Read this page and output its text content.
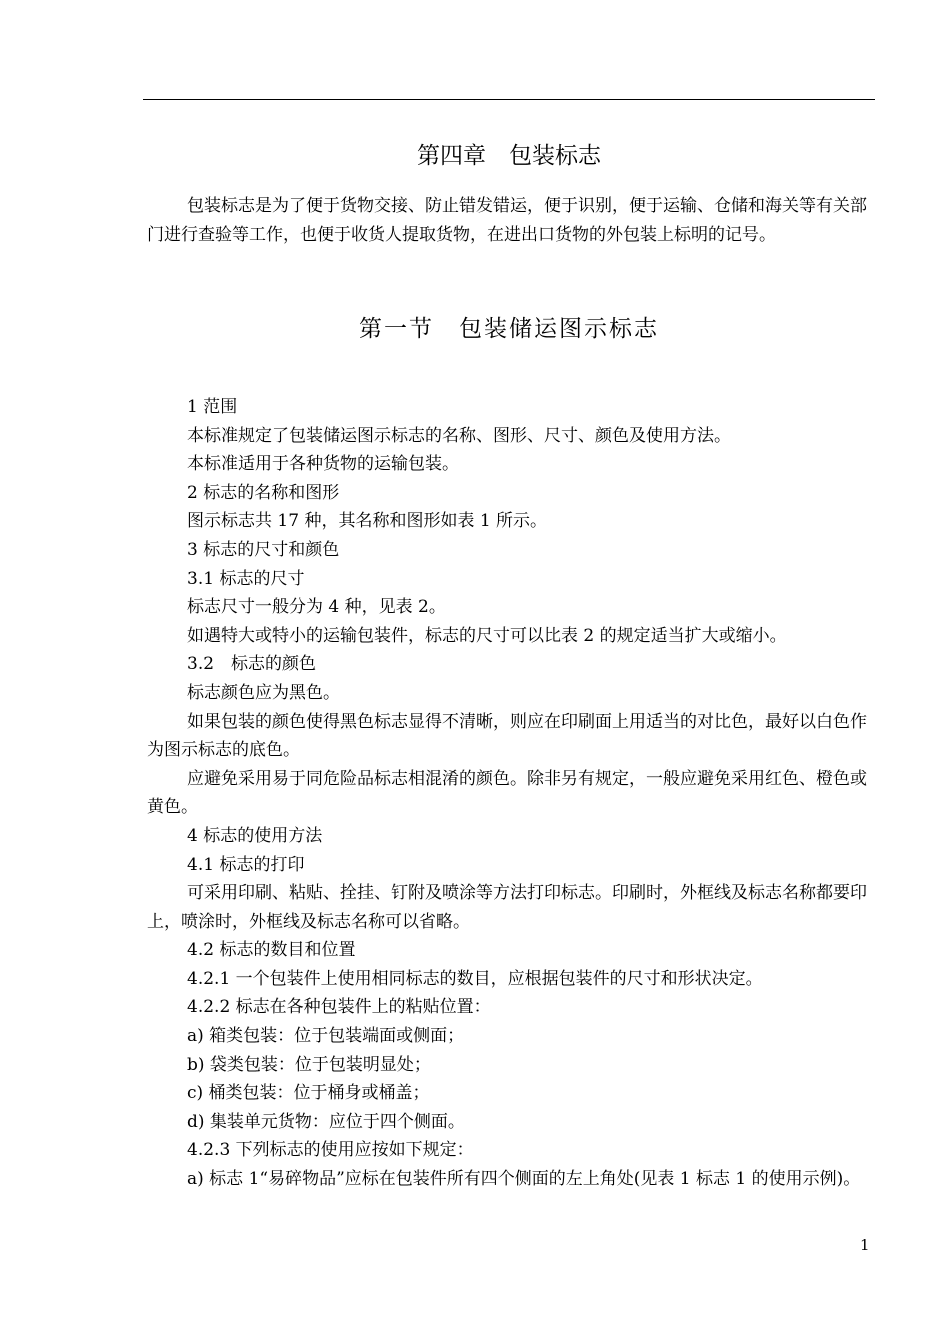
第四章　包装标志

包装标志是为了便于货物交接、防止错发错运，便于识别，便于运输、仓储和海关等有关部门进行查验等工作，也便于收货人提取货物，在进出口货物的外包装上标明的记号。

第一节　包装储运图示标志

1 范围

本标准规定了包装储运图示标志的名称、图形、尺寸、颜色及使用方法。

本标准适用于各种货物的运输包装。

2 标志的名称和图形

图示标志共 17 种，其名称和图形如表 1 所示。

3 标志的尺寸和颜色

3.1 标志的尺寸

标志尺寸一般分为 4 种，见表 2。

如遇特大或特小的运输包装件，标志的尺寸可以比表 2 的规定适当扩大或缩小。

3.2　标志的颜色

标志颜色应为黑色。

如果包装的颜色使得黑色标志显得不清晰，则应在印刷面上用适当的对比色，最好以白色作为图示标志的底色。

应避免采用易于同危险品标志相混淆的颜色。除非另有规定，一般应避免采用红色、橙色或黄色。

4 标志的使用方法

4.1 标志的打印

可采用印刷、粘贴、拴挂、钉附及喷涂等方法打印标志。印刷时，外框线及标志名称都要印上，喷涂时，外框线及标志名称可以省略。

4.2 标志的数目和位置

4.2.1 一个包装件上使用相同标志的数目，应根据包装件的尺寸和形状决定。

4.2.2 标志在各种包装件上的粘贴位置：

a) 箱类包装：位于包装端面或侧面；

b) 袋类包装：位于包装明显处；

c) 桶类包装：位于桶身或桶盖；

d) 集装单元货物：应位于四个侧面。

4.2.3 下列标志的使用应按如下规定：

a) 标志 1“易碎物品”应标在包装件所有四个侧面的左上角处(见表 1 标志 1 的使用示例)。

1
